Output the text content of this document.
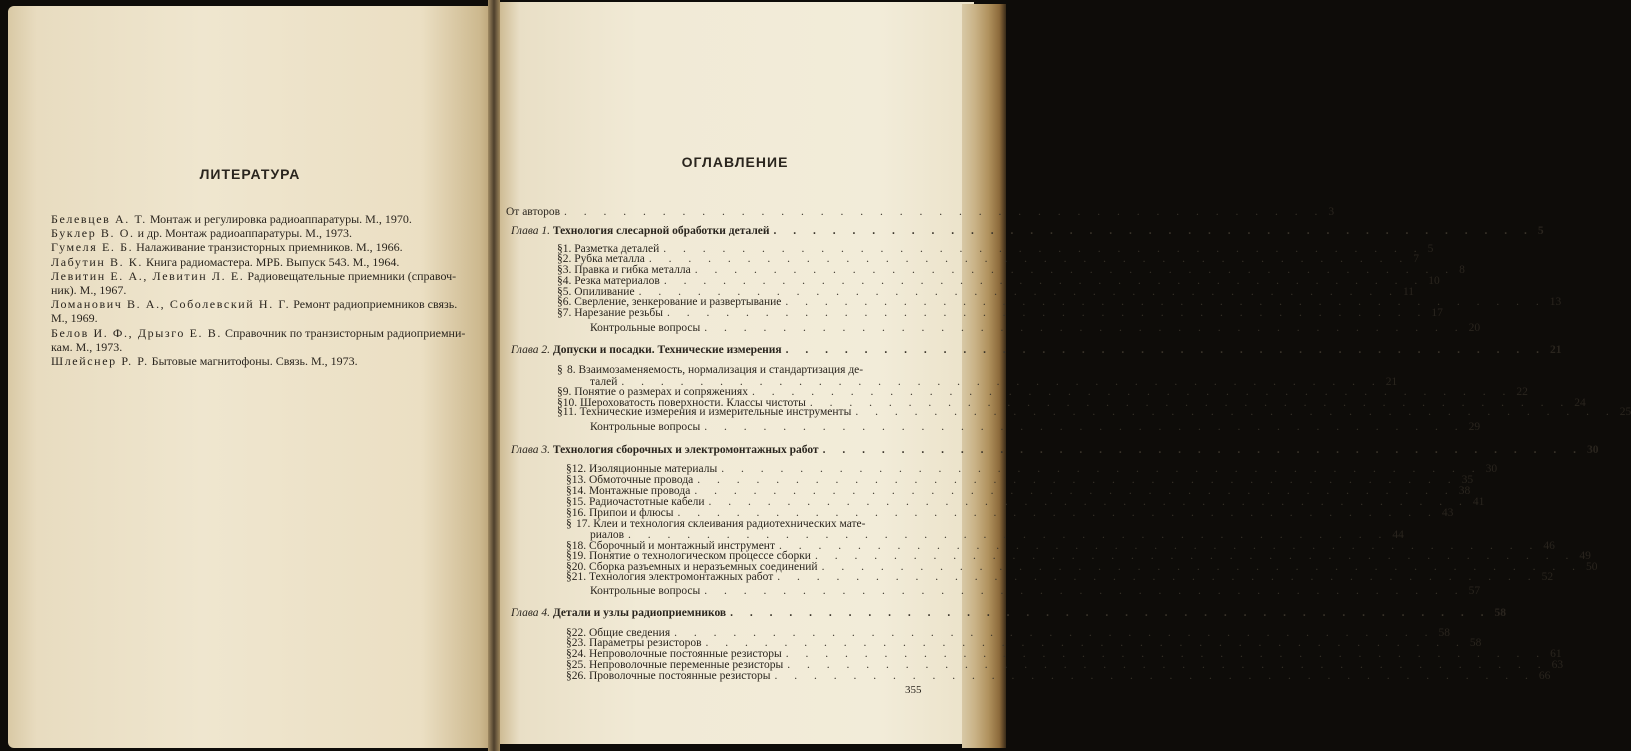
ЛИТЕРАТУРА
Белевцев А. Т. Монтаж и регулировка радиоаппаратуры. М., 1970.
Буклер В. О. и др. Монтаж радиоаппаратуры. М., 1973.
Гумеля Е. Б. Налаживание транзисторных приемников. М., 1966.
Лабутин В. К. Книга радиомастера. МРБ. Выпуск 543. М., 1964.
Левитин Е. А., Левитин Л. Е. Радиовещательные приемники (справоч-
ник). М., 1967.
Ломанович В. А., Соболевский Н. Г. Ремонт радиоприемников связь.
М., 1969.
Белов И. Ф., Дрызго Е. В. Справочник по транзисторным радиоприемни-
кам. М., 1973.
Шлейснер Р. Р. Бытовые магнитофоны. Связь. М., 1973.
ОГЛАВЛЕНИЕ
От авторов . . . . . . . . . . . . . . . . . . . . . . . . . . . . . . . . . . . . . . . 3
Глава 1. Технология слесарной обработки деталей . . . . . . . . . . . . . . . . . . . . . . . . . . . . . . . . . . . . . . . 5
§ 1. Разметка деталей . . . . . . . . . . . . . . . . . . . . . . . . . . . . . . . . . . . . . . . 5
§ 2. Рубка металла . . . . . . . . . . . . . . . . . . . . . . . . . . . . . . . . . . . . . . . 7
§ 3. Правка и гибка металла . . . . . . . . . . . . . . . . . . . . . . . . . . . . . . . . . . . . . . . 8
§ 4. Резка материалов . . . . . . . . . . . . . . . . . . . . . . . . . . . . . . . . . . . . . . . 10
§ 5. Опиливание . . . . . . . . . . . . . . . . . . . . . . . . . . . . . . . . . . . . . . . 11
§ 6. Сверление, зенкерование и развертывание . . . . . . . . . . . . . . . . . . . . . . . . . . . . . . . . . . . . . . . 13
§ 7. Нарезание резьбы . . . . . . . . . . . . . . . . . . . . . . . . . . . . . . . . . . . . . . . 17
Контрольные вопросы . . . . . . . . . . . . . . . . . . . . . . . . . . . . . . . . . . . . . . . 20
Глава 2. Допуски и посадки. Технические измерения . . . . . . . . . . . . . . . . . . . . . . . . . . . . . . . . . . . . . . . 21
§ 8. Взаимозаменяемость, нормализация и стандартизация де-
талей . . . . . . . . . . . . . . . . . . . . . . . . . . . . . . . . . . . . . . . 21
§ 9. Понятие о размерах и сопряжениях . . . . . . . . . . . . . . . . . . . . . . . . . . . . . . . . . . . . . . . 22
§ 10. Шероховатость поверхности. Классы чистоты . . . . . . . . . . . . . . . . . . . . . . . . . . . . . . . . . . . . . . . 24
§ 11. Технические измерения и измерительные инструменты . . . . . . . . . . . . . . . . . . . . . . . . . . . . . . . . . . . . . . . 25
Контрольные вопросы . . . . . . . . . . . . . . . . . . . . . . . . . . . . . . . . . . . . . . . 29
Глава 3. Технология сборочных и электромонтажных работ . . . . . . . . . . . . . . . . . . . . . . . . . . . . . . . . . . . . . . . 30
§ 12. Изоляционные материалы . . . . . . . . . . . . . . . . . . . . . . . . . . . . . . . . . . . . . . . 30
§ 13. Обмоточные провода . . . . . . . . . . . . . . . . . . . . . . . . . . . . . . . . . . . . . . . 35
§ 14. Монтажные провода . . . . . . . . . . . . . . . . . . . . . . . . . . . . . . . . . . . . . . . 38
§ 15. Радиочастотные кабели . . . . . . . . . . . . . . . . . . . . . . . . . . . . . . . . . . . . . . . 41
§ 16. Припои и флюсы . . . . . . . . . . . . . . . . . . . . . . . . . . . . . . . . . . . . . . . 43
§ 17. Клеи и технология склеивания радиотехнических мате-
риалов . . . . . . . . . . . . . . . . . . . . . . . . . . . . . . . . . . . . . . . 44
§ 18. Сборочный и монтажный инструмент . . . . . . . . . . . . . . . . . . . . . . . . . . . . . . . . . . . . . . . 46
§ 19. Понятие о технологическом процессе сборки . . . . . . . . . . . . . . . . . . . . . . . . . . . . . . . . . . . . . . . 49
§ 20. Сборка разъемных и неразъемных соединений . . . . . . . . . . . . . . . . . . . . . . . . . . . . . . . . . . . . . . . 50
§ 21. Технология электромонтажных работ . . . . . . . . . . . . . . . . . . . . . . . . . . . . . . . . . . . . . . . 52
Контрольные вопросы . . . . . . . . . . . . . . . . . . . . . . . . . . . . . . . . . . . . . . . 57
Глава 4. Детали и узлы радиоприемников . . . . . . . . . . . . . . . . . . . . . . . . . . . . . . . . . . . . . . . 58
§ 22. Общие сведения . . . . . . . . . . . . . . . . . . . . . . . . . . . . . . . . . . . . . . . 58
§ 23. Параметры резисторов . . . . . . . . . . . . . . . . . . . . . . . . . . . . . . . . . . . . . . . 58
§ 24. Непроволочные постоянные резисторы . . . . . . . . . . . . . . . . . . . . . . . . . . . . . . . . . . . . . . . 61
§ 25. Непроволочные переменные резисторы . . . . . . . . . . . . . . . . . . . . . . . . . . . . . . . . . . . . . . . 63
§ 26. Проволочные постоянные резисторы . . . . . . . . . . . . . . . . . . . . . . . . . . . . . . . . . . . . . . . 66
355
